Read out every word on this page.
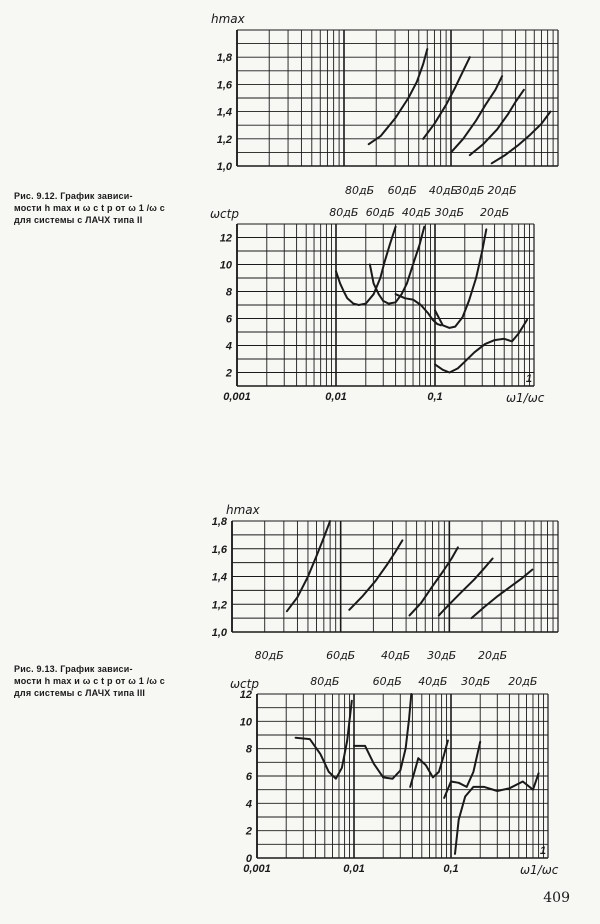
Рис. 9.12. График зависи-
мости h max и ω c t р от ω 1 /ω c
для системы с ЛАЧХ типа II
Рис. 9.13. График зависи-
мости h max и ω c t р от ω 1 /ω c
для системы с ЛАЧХ типа III
409
1,0
1,2
1,4
1,6
1,8
hmax
80дБ 60дБ 40дБ
30дБ 20дБ
2
4
6
8
10
12
ωctp
0,001	0,01	0,1
1
ω1/ωc
80дБ 60дБ 40дБ 30дБ 20дБ
1,0
1,2
1,4
1,6
1,8
hmax
80дБ	60дБ 40дБ 30дБ 20дБ
0
2
4
6
8
10
12
ωctp
0,001	0,01	0,1
1
ω1/ωc
80дБ	60дБ 40дБ 30дБ 20дБ
